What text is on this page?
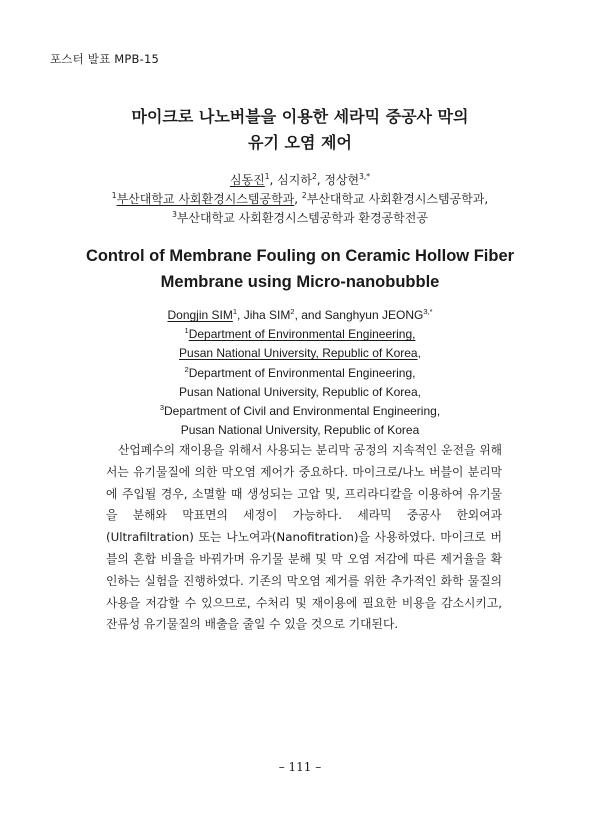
포스터 발표 MPB-15
마이크로 나노버블을 이용한 세라믹 중공사 막의
유기 오염 제어
심동진$^1$, 심지하$^2$, 정상현$^{3,*}$
$^1$부산대학교 사회환경시스템공학과, $^2$부산대학교 사회환경시스템공학과,
$^3$부산대학교 사회환경시스템공학과 환경공학전공
Control of Membrane Fouling on Ceramic Hollow Fiber
Membrane using Micro-nanobubble
Dongjin SIM$^1$, Jiha SIM$^2$, and Sanghyun $JEONG^{3,*}$
$^1$Department of Environmental Engineering,
Pusan National University, Republic of Korea,
$^2$Department of Environmental Engineering,
Pusan National University, Republic of Korea,
$^3$Department of Civil and Environmental Engineering,
Pusan National University, Republic of Korea

산업폐수의 재이용을 위해서 사용되는 분리막 공정의 지속적인 운전을 위해서는 유기물질에 의한 막오염 제어가 중요하다. 마이크로/나노 버블이 분리막에 주입될 경우, 소멸할 때 생성되는 고압 및, 프리라디칼을 이용하여 유기물을 분해와 막표면의 세정이 가능하다. 세라믹 중공사 한외여과(Ultrafiltration) 또는 나노여과(Nanofitration)을 사용하였다. 마이크로 버블의 혼합 비율을 바꿔가며 유기물 분해 및 막 오염 저감에 따른 제거율을 확인하는 실험을 진행하였다. 기존의 막오염 제거를 위한 추가적인 화학 물질의 사용을 저감할 수 있으므로, 수처리 및 재이용에 필요한 비용을 감소시키고, 잔류성 유기물질의 배출을 줄일 수 있을 것으로 기대된다.

– 111 –
